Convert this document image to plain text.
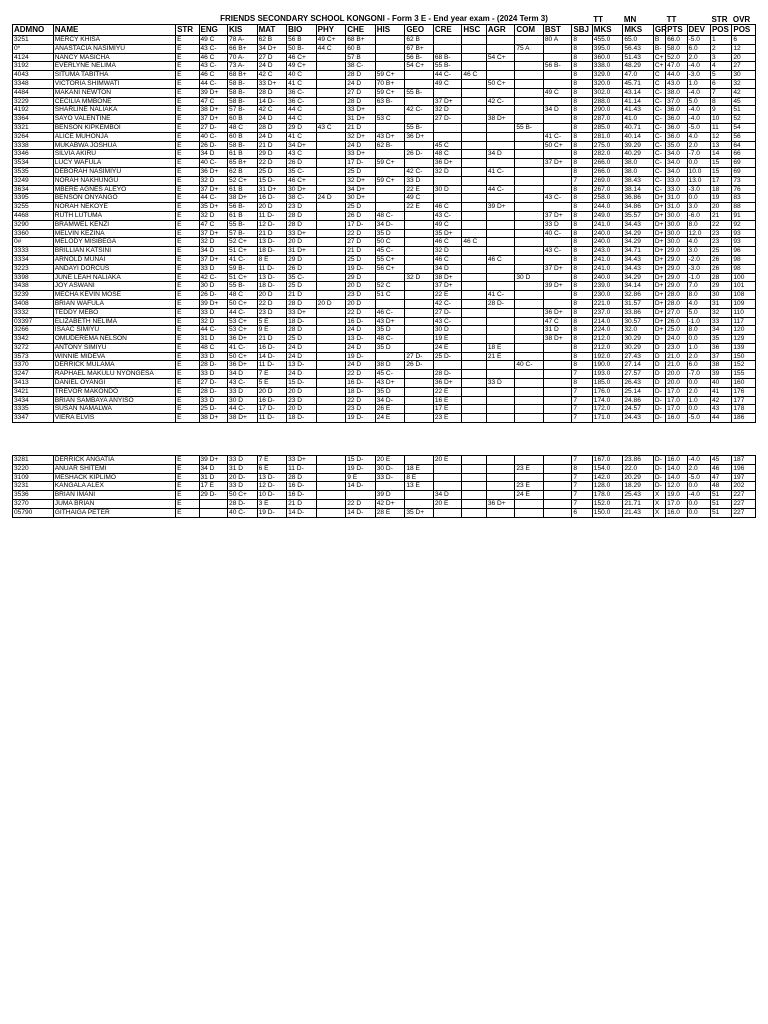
FRIENDS SECONDARY SCHOOL KONGONI - Form 3 E - End year exam - (2024 Term 3)
ADMNO	NAME	STR	ENG	KIS	MAT	BIO	PHY	CHE	HIS	GEO	CRE	HSC	AGR	COM	BST	SBJ	MKS	MKS	GR	PTS	DEV	POS	POS
3251	MERCY KHISA	E	49 C	78 A-	62 B	56 B	49 C+	68 B+		62 B					80 A	8	455.0	65.0	B	66.0	-5.0	1	6
0*	ANASTACIA NASIMIYU	E	43 C-	66 B+	34 D+	50 B-	44 C	60 B		67 B+				75 A		8	395.0	56.43	B-	58.0	6.0	2	12
4124	NANCY MASICHA	E	46 C	70 A-	27 D	46 C+		57 B		56 B-	68 B-		54 C+			8	360.0	51.43	C+	52.0	2.0	3	20
3192	EVERLYNE NELIMA	E	43 C-	73 A-	24 D	49 C+		38 C-		54 C+	55 B-				56 B-	8	338.0	48.29	C+	47.0	-4.0	4	27
4043	SITUMA TABITHA	E	46 C	68 B+	42 C	40 C		28 D	59 C+		44 C-	46 C				8	329.0	47.0	C	44.0	-3.0	5	30
3348	VICTORIA SHIMWATI	E	44 C-	58 B-	33 D+	41 C		24 D	70 B+		49 C		50 C+			8	320.0	45.71	C	43.0	1.0	6	32
4484	MAKANI NEWTON	E	39 D+	58 B-	28 D	36 C-		27 D	59 C+	55 B-					49 C	8	302.0	43.14	C-	38.0	-4.0	7	42
3229	CECILIA MMBONE	E	47 C	58 B-	14 D-	36 C-		28 D	63 B-		37 D+		42 C-			8	288.0	41.14	C-	37.0	5.0	8	45
4192	SHARLINE NALIAKA	E	38 D+	57 B-	42 C	44 C		33 D+		42 C-	32 D				34 D	8	290.0	41.43	C-	36.0	-4.0	9	51
3364	SAYO VALENTINE	E	37 D+	60 B	24 D	44 C		31 D+	53 C		27 D-		38 D+			8	287.0	41.0	C-	36.0	-4.0	10	52
3321	BENSON KIPKEMBOI	E	27 D-	48 C	28 D	29 D	43 C	21 D		55 B-				55 B-		8	285.0	40.71	C-	36.0	-5.0	11	54
3264	ALICE MUHONJA	E	40 C-	60 B	24 D	41 C		32 D+	43 D+	36 D+					41 C-	8	281.0	40.14	C-	36.0	4.0	12	56
3338	MUKABWA JOSHUA	E	26 D-	58 B-	21 D	34 D+		24 D	62 B-		45 C				50 C+	8	275.0	39.29	C-	35.0	2.0	13	64
3346	SILVIA AKIRU	E	34 D	61 B	29 D	43 C		33 D+		26 D-	48 C		34 D			8	282.0	40.29	C-	34.0	-7.0	14	66
3534	LUCY WAFULA	E	40 C-	65 B+	22 D	26 D		17 D-	59 C+		36 D+				37 D+	8	266.0	38.0	C-	34.0	0.0	15	69
3535	DEBORAH NASIMIYU	E	36 D+	62 B	25 D	35 C-		25 D		42 C-	32 D		41 C-			8	266.0	38.0	C-	34.0	10.0	15	69
3249	NORAH NAKHUNGU	E	32 D	52 C+	15 D-	46 C+		32 D+	59 C+	33 D						7	269.0	38.43	C-	33.0	13.0	17	73
3634	MBERE AGNES ALEYO	E	37 D+	61 B	31 D+	30 D+		34 D+		22 E	30 D		44 C-			8	267.0	38.14	C-	33.0	-3.0	18	76
3395	BENSON ONYANGO	E	44 C-	38 D+	16 D-	38 C-	24 D	30 D+		49 C					43 C-	8	258.0	36.86	D+	31.0	0.0	19	83
3255	NORAH NEKOYE	E	35 D+	56 B-	20 D	23 D		25 D		22 E	46 C		39 D+			8	244.0	34.86	D+	31.0	3.0	20	88
4468	RUTH LUTUMA	E	32 D	61 B	11 D-	28 D		26 D	48 C-		43 C-				37 D+	8	249.0	35.57	D+	30.0	-6.0	21	91
3290	BRAMWEL KENZI	E	47 C	55 B-	12 D-	28 D		17 D-	34 D-		49 C				33 D	8	241.0	34.43	D+	30.0	8.0	22	92
3360	MELVIN KEZINA	E	37 D+	57 B-	21 D	33 D+		22 D	35 D		35 D+				40 C-	8	240.0	34.29	D+	30.0	12.0	23	93
0#	MELODY MISIBEGA	E	32 D	52 C+	13 D-	20 D		27 D	50 C		46 C	46 C				8	240.0	34.29	D+	30.0	4.0	23	93
3333	BRILLIAN KATSINI	E	34 D	51 C+	18 D-	31 D+		21 D	45 C-		32 D				43 C-	8	243.0	34.71	D+	29.0	3.0	25	96
3334	ARNOLD MUNAI	E	37 D+	41 C-	8 E	29 D		25 D	55 C+		46 C		46 C			8	241.0	34.43	D+	29.0	-2.0	26	98
3223	ANDAYI DORCUS	E	33 D	59 B-	11 D-	26 D		19 D-	56 C+		34 D				37 D+	8	241.0	34.43	D+	29.0	-3.0	26	98
3398	JUNE LEAH NALIAKA	E	42 C-	51 C+	13 D-	35 C-		29 D		32 D	38 D+			30 D		8	240.0	34.29	D+	29.0	-1.0	28	100
3438	JOY ASWANI	E	30 D	55 B-	18 D-	25 D		20 D	52 C		37 D+				39 D+	8	239.0	34.14	D+	29.0	7.0	29	101
3239	MECHA KEVIN MOSE	E	26 D-	48 C	20 D	21 D		23 D	51 C		22 E		41 C-			8	230.0	32.86	D+	28.0	8.0	30	108
3408	BRIAN WAFULA	E	39 D+	50 C+	22 D	28 D	20 D	20 D			42 C-		28 D-			8	221.0	31.57	D+	28.0	4.0	31	109
3332	TEDDY MEBO	E	33 D	44 C-	23 D	33 D+		22 D	46 C-		27 D-				36 D+	8	237.0	33.86	D+	27.0	5.0	32	110
03397	ELIZABETH NELIMA	E	32 D	53 C+	5 E	18 D-		16 D-	43 D+		43 C-				47 C	8	214.0	30.57	D+	26.0	-1.0	33	117
3266	ISAAC SIMIYU	E	44 C-	53 C+	9 E	28 D		24 D	35 D		30 D				31 D	8	224.0	32.0	D+	25.0	8.0	34	120
3342	OMUDEREMA NELSON	E	31 D	36 D+	21 D	25 D		13 D-	48 C-		19 E				38 D+	8	212.0	30.29	D	24.0	0.0	35	129
3272	ANTONY SIMIYU	E	48 C	41 C-	16 D-	24 D		24 D	35 D		24 E		18 E			8	212.0	30.29	D	23.0	1.0	36	139
3573	WINNIE MIDEVA	E	33 D	50 C+	14 D-	24 D		19 D-		27 D-	25 D-		21 E			8	192.0	27.43	D	21.0	2.0	37	150
3370	DERRICK MULAMA	E	28 D-	36 D+	11 D-	13 D-		24 D	38 D	26 D-				40 C-		8	190.0	27.14	D	21.0	6.0	38	152
3247	RAPHAEL MAKULU NYONGESA	E	33 D	34 D	7 E	24 D		22 D	45 C-		28 D-					7	193.0	27.57	D	20.0	-7.0	39	155
3413	DANIEL OYANGI	E	27 D-	43 C-	5 E	15 D-		16 D-	43 D+		36 D+		33 D			8	185.0	26.43	D	20.0	0.0	40	160
3421	TREVOR MAKONDO	E	28 D-	33 D	20 D	20 D		18 D-	35 D		22 E					7	176.0	25.14	D-	17.0	2.0	41	176
3434	BRIAN SAMBAYA ANYISO	E	33 D	30 D	16 D-	23 D		22 D	34 D-		16 E					7	174.0	24.86	D-	17.0	1.0	42	177
3335	SUSAN NAMALWA	E	25 D-	44 C-	17 D-	20 D		23 D	26 E		17 E					7	172.0	24.57	D-	17.0	0.0	43	178
3347	VIERA ELVIS	E	38 D+	38 D+	11 D-	18 D-		19 D-	24 E		23 E					7	171.0	24.43	D-	16.0	-5.0	44	186
3281	DERRICK ANGATIA	E	39 D+	33 D	7 E	33 D+		15 D-	20 E		20 E					7	167.0	23.86	D-	16.0	-4.0	45	187
3220	ANUAR SHITEMI	E	34 D	31 D	6 E	11 D-		19 D-	30 D-	18 E				23 E		8	154.0	22.0	D-	14.0	2.0	46	196
3109	MESHACK KIPLIMO	E	31 D	20 D-	13 D-	28 D		9 E	33 D-	8 E						7	142.0	20.29	D-	14.0	-5.0	47	197
3231	KANGALA ALEX	E	17 E	33 D	12 D-	16 D-		14 D-		13 E				23 E		7	128.0	18.29	D-	12.0	0.0	48	202
3536	BRIAN IMANI	E	29 D-	50 C+	10 D-	16 D-			39 D		34 D			24 E		7	178.0	25.43	X	19.0	-4.0	51	227
3270	JUMA BRIAN	E		28 D-	3 E	21 D		22 D	42 D+		20 E		36 D+			7	152.0	21.71	X	17.0	0.0	51	227
05790	GITHAIGA PETER	E		40 C-	19 D-	14 D-		14 D-	28 E	35 D+						6	150.0	21.43	X	16.0	0.0	51	227
TT	MN	TT	STR OVR
